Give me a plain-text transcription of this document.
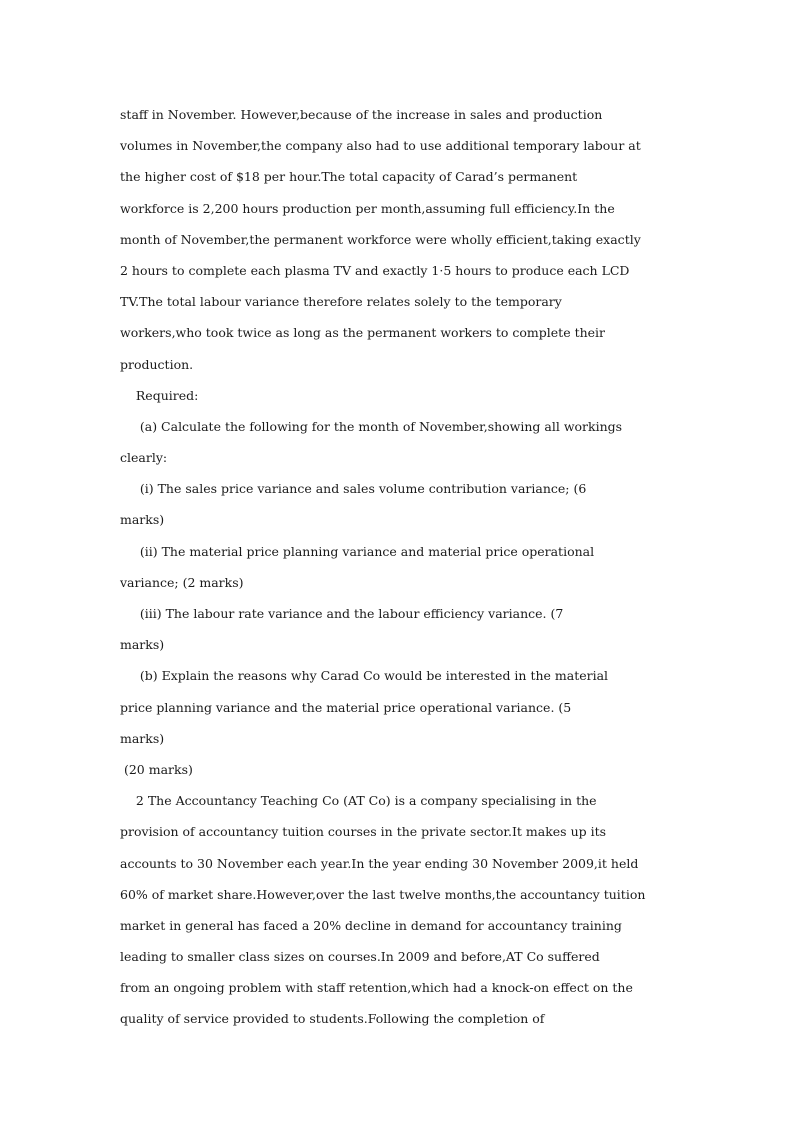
staff in November. However,because of the increase in sales and production
volumes in November,the company also had to use additional temporary labour at
the higher cost of $18 per hour.The total capacity of Carad’s permanent
workforce is 2,200 hours production per month,assuming full efficiency.In the
month of November,the permanent workforce were wholly efficient,taking exactly
2 hours to complete each plasma TV and exactly 1·5 hours to produce each LCD
TV.The total labour variance therefore relates solely to the temporary
workers,who took twice as long as the permanent workers to complete their
production.
Required:
(a) Calculate the following for the month of November,showing all workings
clearly:
(i) The sales price variance and sales volume contribution variance; (6
marks)
(ii) The material price planning variance and material price operational
variance; (2 marks)
(iii) The labour rate variance and the labour efficiency variance. (7
marks)
(b) Explain the reasons why Carad Co would be interested in the material
price planning variance and the material price operational variance. (5
marks)
(20 marks)
2 The Accountancy Teaching Co (AT Co) is a company specialising in the
provision of accountancy tuition courses in the private sector.It makes up its
accounts to 30 November each year.In the year ending 30 November 2009,it held
60% of market share.However,over the last twelve months,the accountancy tuition
market in general has faced a 20% decline in demand for accountancy training
leading to smaller class sizes on courses.In 2009 and before,AT Co suffered
from an ongoing problem with staff retention,which had a knock-on effect on the
quality of service provided to students.Following the completion of
